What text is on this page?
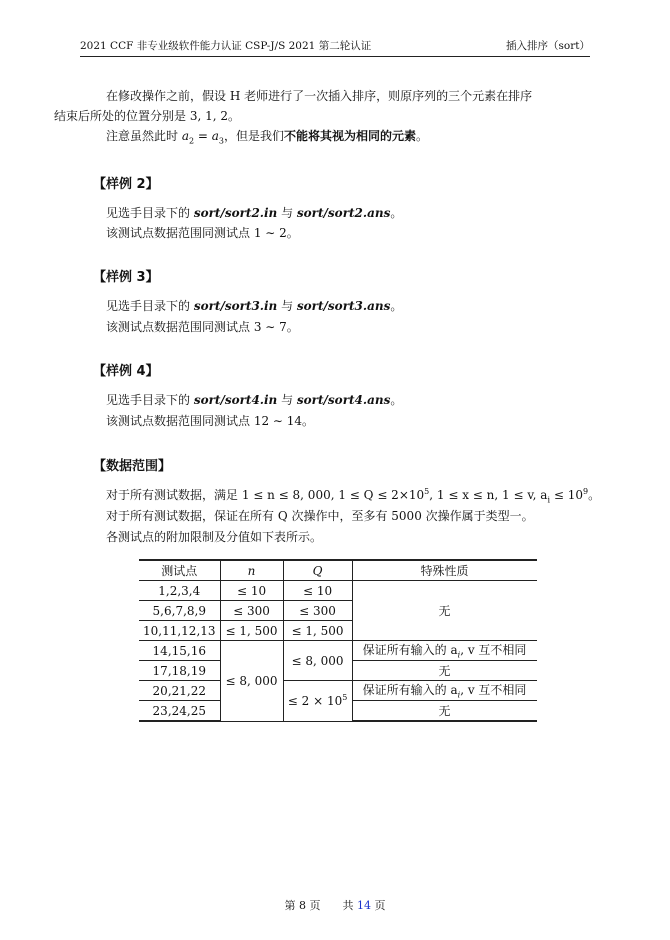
2021 CCF 非专业级软件能力认证 CSP-J/S 2021 第二轮认证	插入排序（sort）
在修改操作之前，假设 H 老师进行了一次插入排序，则原序列的三个元素在排序
结束后所处的位置分别是 3, 1, 2。
注意虽然此时 $a_2 = a_3$，但是我们不能将其视为相同的元素。
【样例 2】
见选手目录下的 sort/sort2.in 与 sort/sort2.ans。
该测试点数据范围同测试点 1 ∼ 2。
【样例 3】
见选手目录下的 sort/sort3.in 与 sort/sort3.ans。
该测试点数据范围同测试点 3 ∼ 7。
【样例 4】
见选手目录下的 sort/sort4.in 与 sort/sort4.ans。
该测试点数据范围同测试点 12 ∼ 14。
【数据范围】
对于所有测试数据，满足 1 ≤ n ≤ 8, 000, $1 \le Q \le 2\times 10^5$, 1 ≤ x ≤ n, 1 ≤ v, $a_i \le 10^9$。
对于所有测试数据，保证在所有 Q 次操作中，至多有 5000 次操作属于类型一。
各测试点的附加限制及分值如下表所示。
测试点	n	Q	特殊性质
1,2,3,4	≤ 10	≤ 10	无
5,6,7,8,9	≤ 300	≤ 300	
10,11,12,13	≤ 1, 500	≤ 1, 500	
14,15,16	≤ 8, 000	≤ 8, 000	保证所有输入的 $a_i$, v 互不相同
17,18,19			无
20,21,22		≤ $2 \times 10^5$	保证所有输入的 $a_i$, v 互不相同
23,24,25			无
第 8 页　　共 14 页
